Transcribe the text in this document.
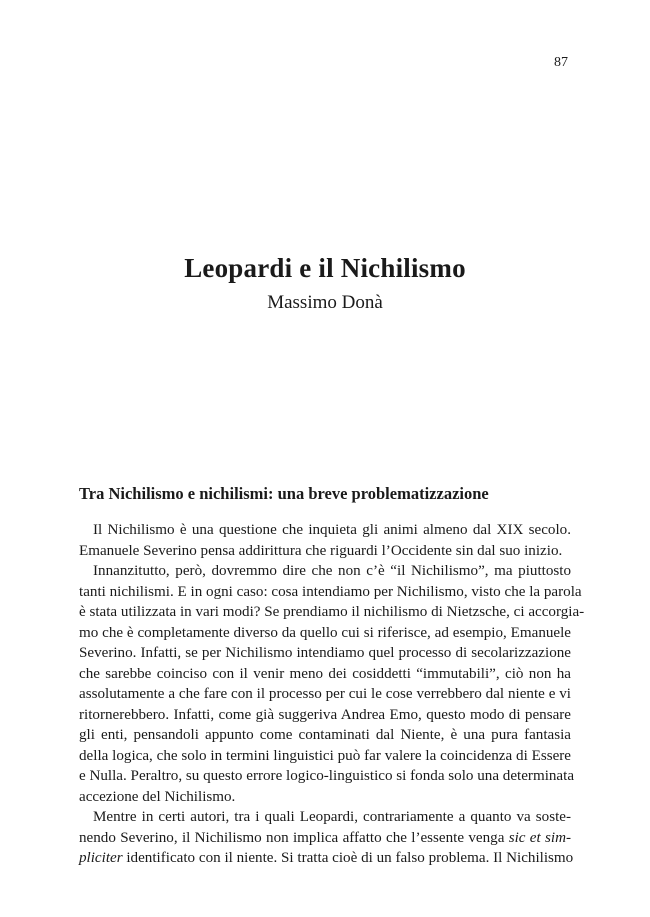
87
Leopardi e il Nichilismo
Massimo Donà
Tra Nichilismo e nichilismi: una breve problematizzazione
Il Nichilismo è una questione che inquieta gli animi almeno dal XIX secolo.
Emanuele Severino pensa addirittura che riguardi l’Occidente sin dal suo inizio.
Innanzitutto, però, dovremmo dire che non c’è “il Nichilismo”, ma piuttosto
tanti nichilismi. E in ogni caso: cosa intendiamo per Nichilismo, visto che la parola
è stata utilizzata in vari modi? Se prendiamo il nichilismo di Nietzsche, ci accorgia-
mo che è completamente diverso da quello cui si riferisce, ad esempio, Emanuele
Severino. Infatti, se per Nichilismo intendiamo quel processo di secolarizzazione
che sarebbe coinciso con il venir meno dei cosiddetti “immutabili”, ciò non ha
assolutamente a che fare con il processo per cui le cose verrebbero dal niente e vi
ritornerebbero. Infatti, come già suggeriva Andrea Emo, questo modo di pensare
gli enti, pensandoli appunto come contaminati dal Niente, è una pura fantasia
della logica, che solo in termini linguistici può far valere la coincidenza di Essere
e Nulla. Peraltro, su questo errore logico-linguistico si fonda solo una determinata
accezione del Nichilismo.
Mentre in certi autori, tra i quali Leopardi, contrariamente a quanto va soste-
nendo Severino, il Nichilismo non implica affatto che l’essente venga sic et sim-
pliciter identificato con il niente. Si tratta cioè di un falso problema. Il Nichilismo
